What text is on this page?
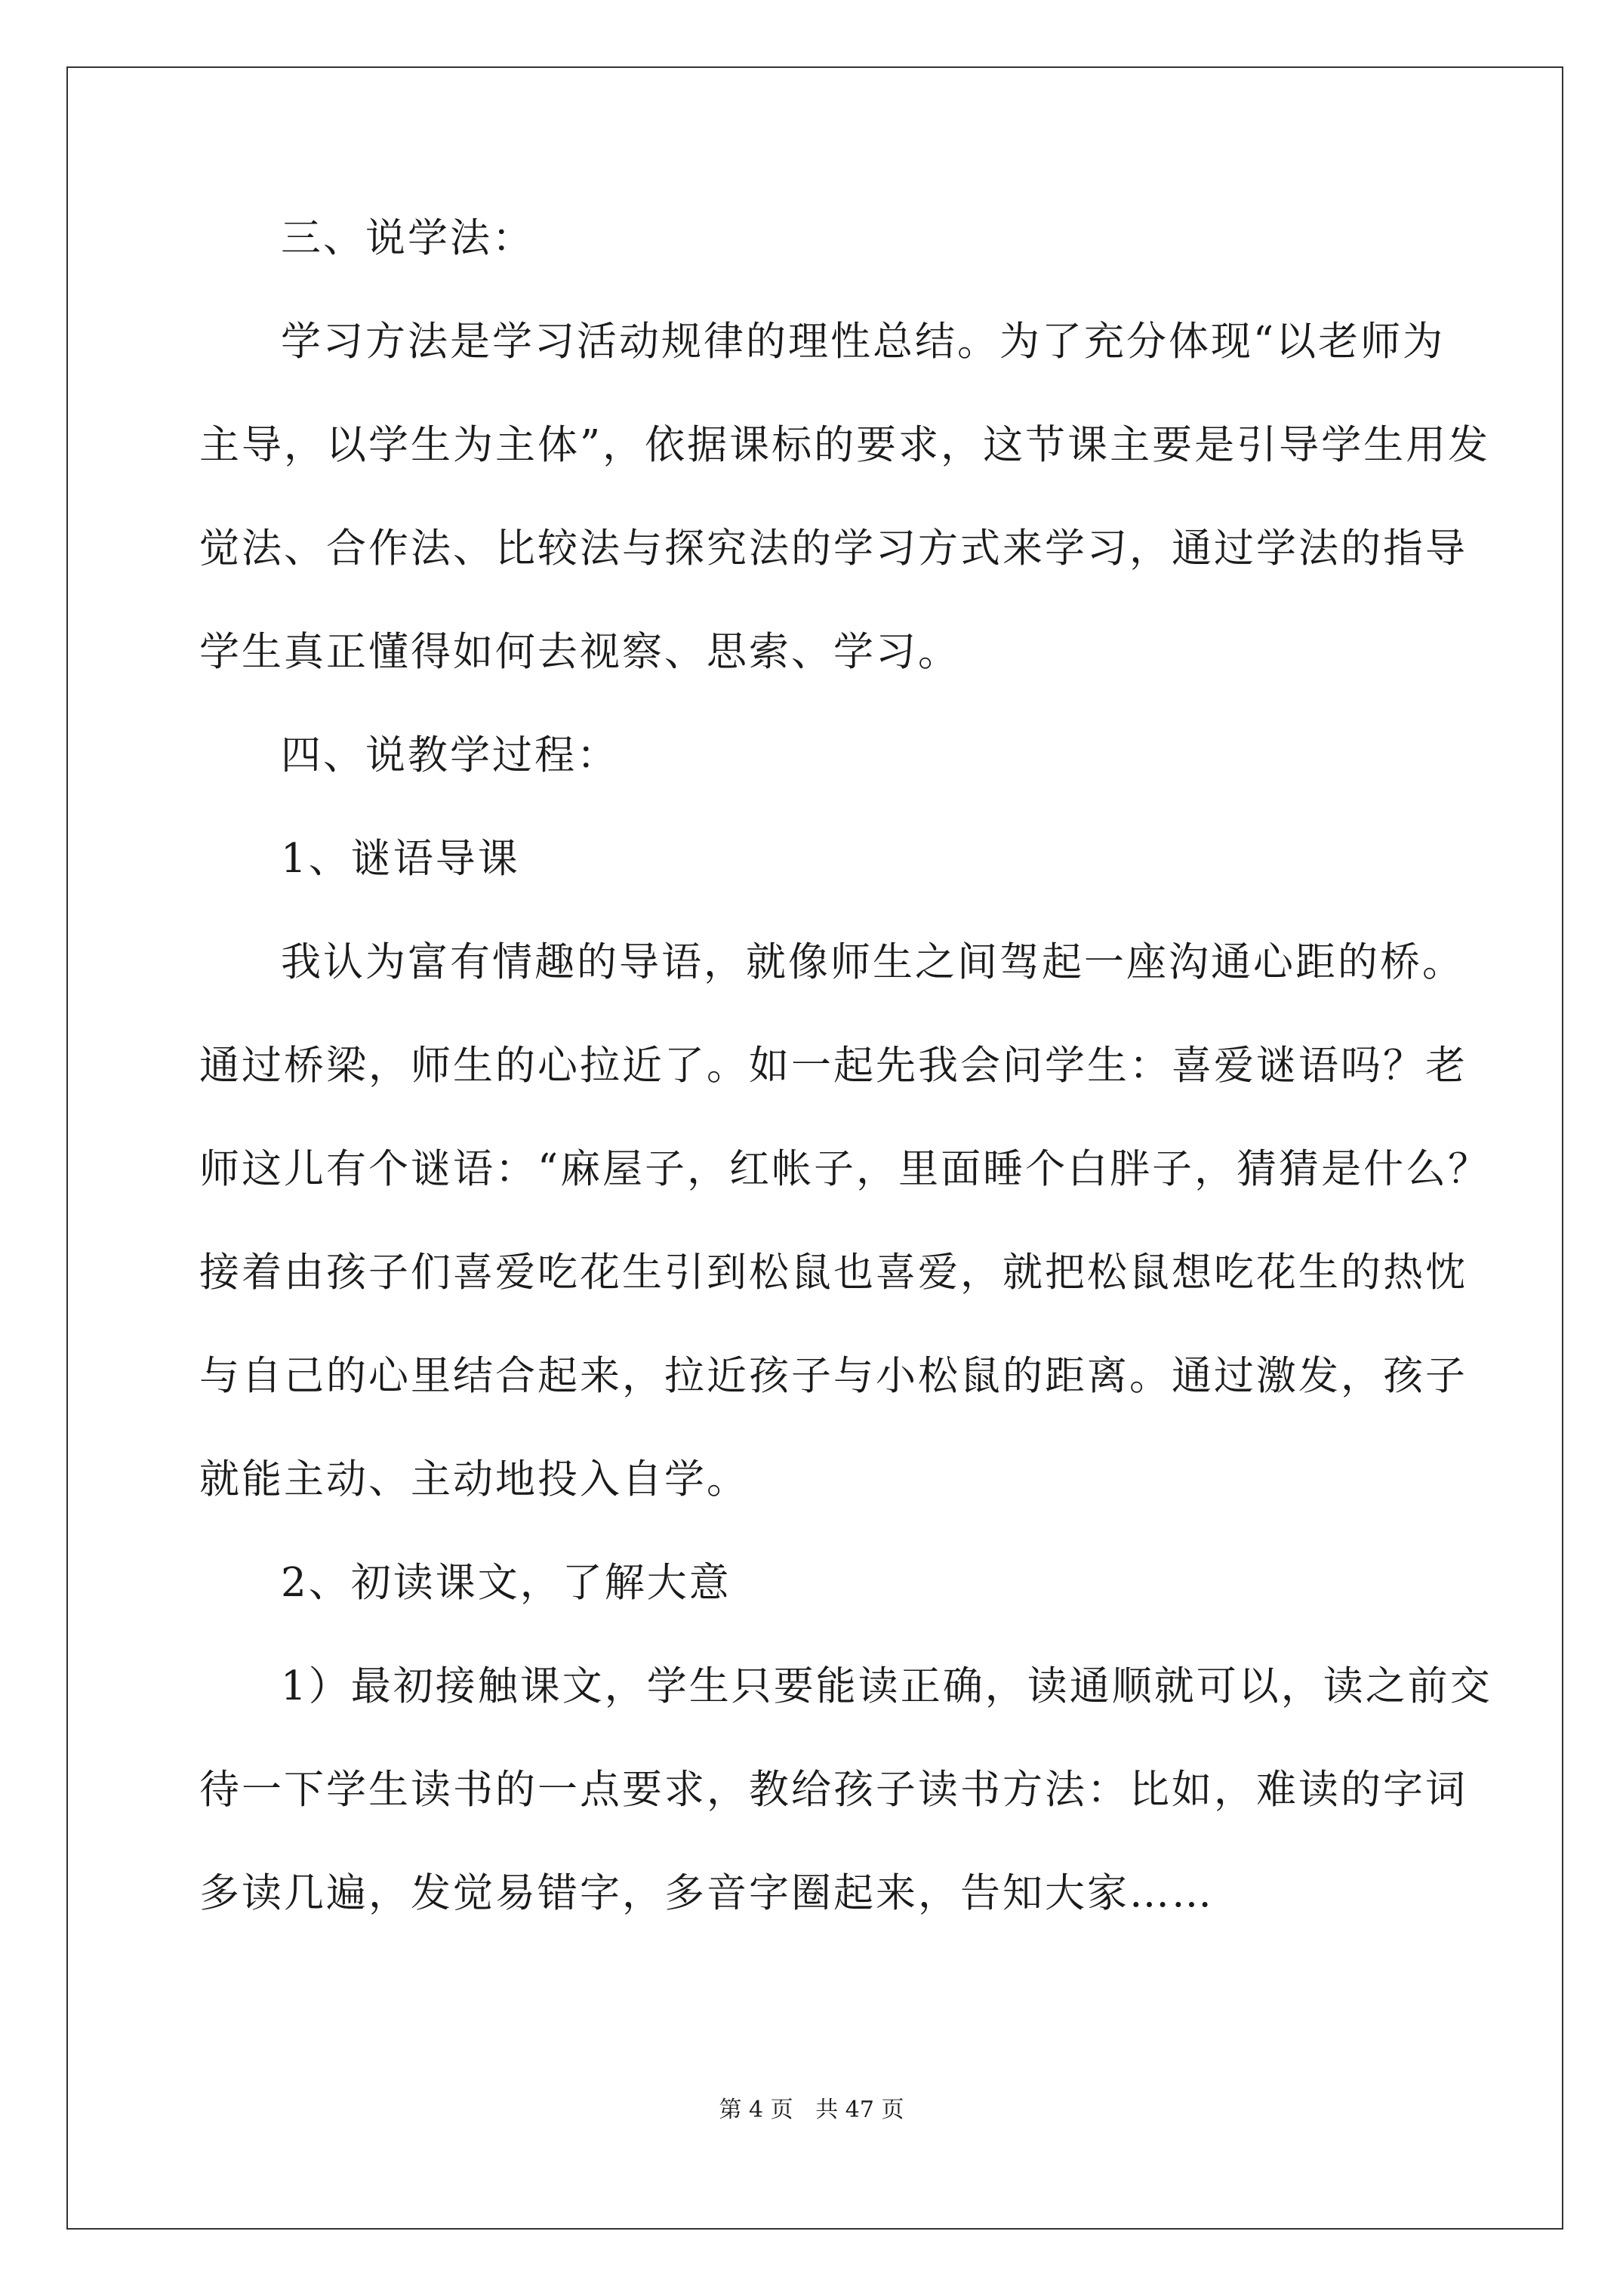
三、说学法：
学习方法是学习活动规律的理性总结。为了充分体现“以老师为
主导，以学生为主体”，依据课标的要求，这节课主要是引导学生用发
觉法、合作法、比较法与探究法的学习方式来学习，通过学法的指导
学生真正懂得如何去视察、思索、学习。
四、说教学过程：
1、谜语导课
我认为富有情趣的导语，就像师生之间驾起一座沟通心距的桥。
通过桥梁，师生的心拉近了。如一起先我会问学生：喜爱谜语吗？老
师这儿有个谜语：“麻屋子，红帐子，里面睡个白胖子，猜猜是什么？
接着由孩子们喜爱吃花生引到松鼠也喜爱，就把松鼠想吃花生的热忱
与自己的心里结合起来，拉近孩子与小松鼠的距离。通过激发，孩子
就能主动、主动地投入自学。
2、初读课文，了解大意
1）最初接触课文，学生只要能读正确，读通顺就可以，读之前交
待一下学生读书的一点要求，教给孩子读书方法：比如，难读的字词
多读几遍，发觉易错字，多音字圈起来，告知大家……
第 4 页 共 47 页
